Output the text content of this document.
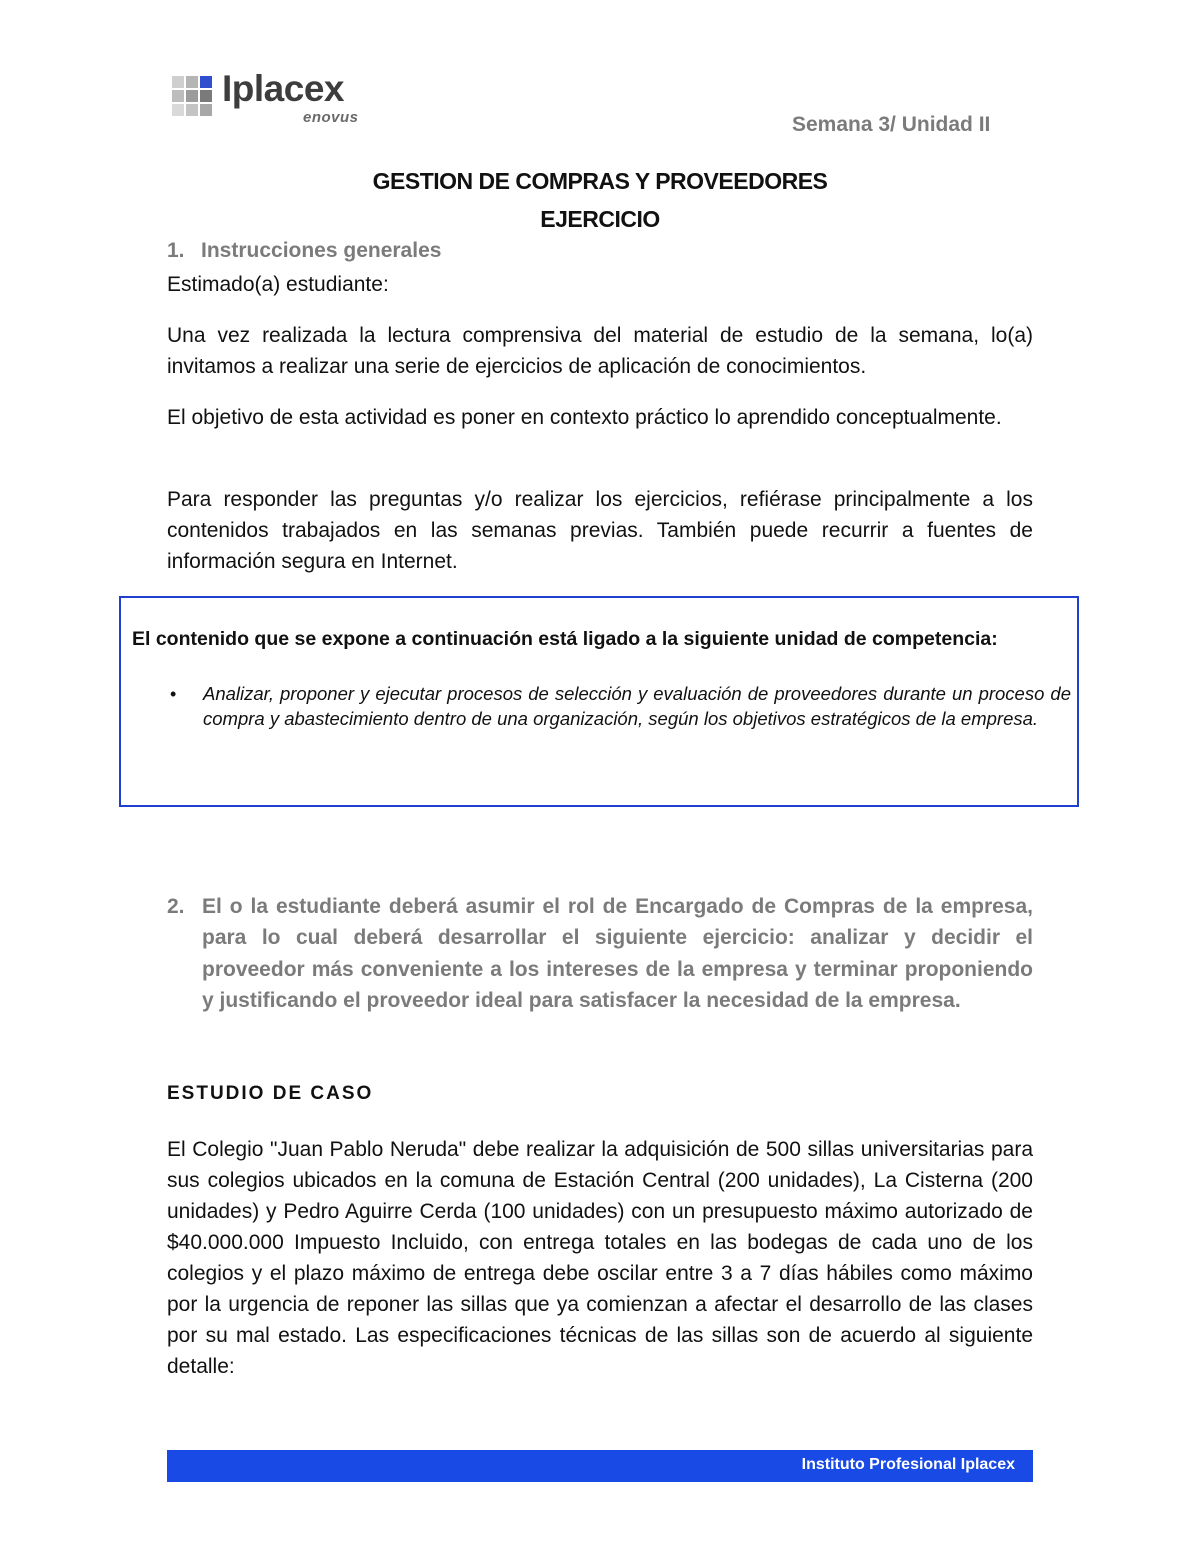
Iplacex
enovus	Semana 3/ Unidad II
GESTION DE COMPRAS Y PROVEEDORES
EJERCICIO
1. Instrucciones generales
Estimado(a) estudiante:
Una vez realizada la lectura comprensiva del material de estudio de la semana, lo(a) invitamos a realizar una serie de ejercicios de aplicación de conocimientos.
El objetivo de esta actividad es poner en contexto práctico lo aprendido conceptualmente.
Para responder las preguntas y/o realizar los ejercicios, refiérase principalmente a los contenidos trabajados en las semanas previas. También puede recurrir a fuentes de información segura en Internet.
El contenido que se expone a continuación está ligado a la siguiente unidad de competencia:
• Analizar, proponer y ejecutar procesos de selección y evaluación de proveedores durante un proceso de compra y abastecimiento dentro de una organización, según los objetivos estratégicos de la empresa.
2. El o la estudiante deberá asumir el rol de Encargado de Compras de la empresa, para lo cual deberá desarrollar el siguiente ejercicio: analizar y decidir el proveedor más conveniente a los intereses de la empresa y terminar proponiendo y justificando el proveedor ideal para satisfacer la necesidad de la empresa.
ESTUDIO DE CASO
El Colegio "Juan Pablo Neruda" debe realizar la adquisición de 500 sillas universitarias para sus colegios ubicados en la comuna de Estación Central (200 unidades), La Cisterna (200 unidades) y Pedro Aguirre Cerda (100 unidades) con un presupuesto máximo autorizado de $40.000.000 Impuesto Incluido, con entrega totales en las bodegas de cada uno de los colegios y el plazo máximo de entrega debe oscilar entre 3 a 7 días hábiles como máximo por la urgencia de reponer las sillas que ya comienzan a afectar el desarrollo de las clases por su mal estado. Las especificaciones técnicas de las sillas son de acuerdo al siguiente detalle:
Instituto Profesional Iplacex
